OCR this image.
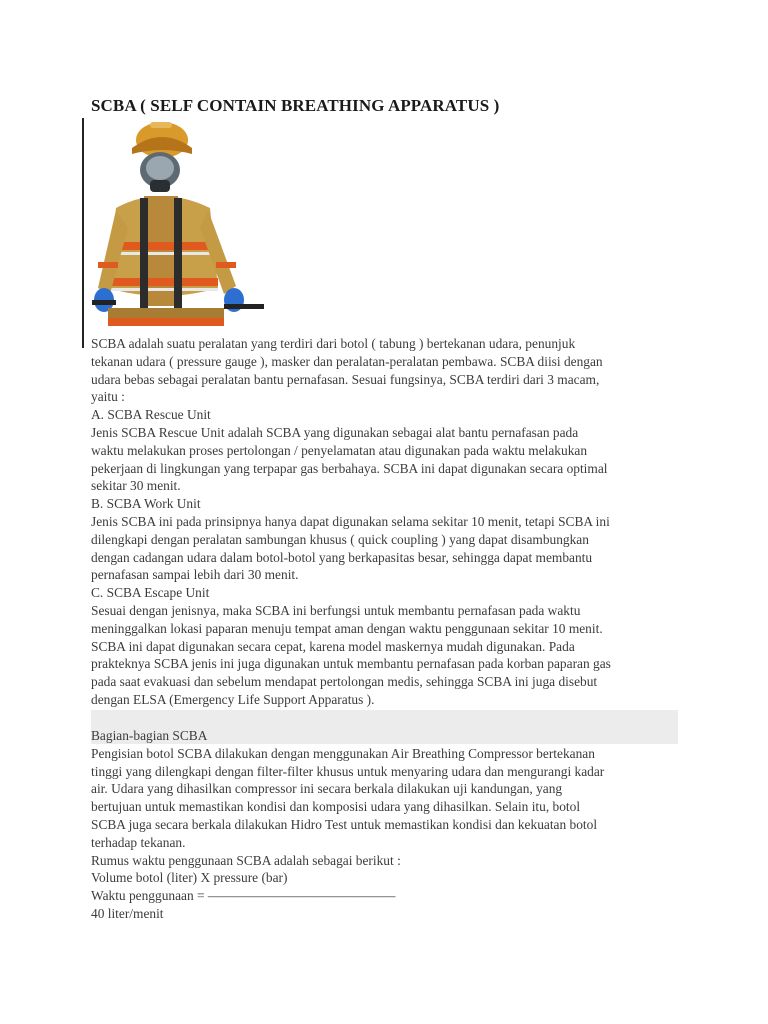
SCBA ( SELF CONTAIN BREATHING APPARATUS )
SCBA adalah suatu peralatan yang terdiri dari botol ( tabung ) bertekanan udara, penunjuk
tekanan udara ( pressure gauge ), masker dan peralatan-peralatan pembawa. SCBA diisi dengan
udara bebas sebagai peralatan bantu pernafasan. Sesuai fungsinya, SCBA terdiri dari 3 macam,
yaitu :
A. SCBA Rescue Unit
Jenis SCBA Rescue Unit adalah SCBA yang digunakan sebagai alat bantu pernafasan pada
waktu melakukan proses pertolongan / penyelamatan atau digunakan pada waktu melakukan
pekerjaan di lingkungan yang terpapar gas berbahaya. SCBA ini dapat digunakan secara optimal
sekitar 30 menit.
B. SCBA Work Unit
Jenis SCBA ini pada prinsipnya hanya dapat digunakan selama sekitar 10 menit, tetapi SCBA ini
dilengkapi dengan peralatan sambungan khusus ( quick coupling ) yang dapat disambungkan
dengan cadangan udara dalam botol-botol yang berkapasitas besar, sehingga dapat membantu
pernafasan sampai lebih dari 30 menit.
C. SCBA Escape Unit
Sesuai dengan jenisnya, maka SCBA ini berfungsi untuk membantu pernafasan pada waktu
meninggalkan lokasi paparan menuju tempat aman dengan waktu penggunaan sekitar 10 menit.
SCBA ini dapat digunakan secara cepat, karena model maskernya mudah digunakan. Pada
prakteknya SCBA jenis ini juga digunakan untuk membantu pernafasan pada korban paparan gas
pada saat evakuasi dan sebelum mendapat pertolongan medis, sehingga SCBA ini juga disebut
dengan ELSA (Emergency Life Support Apparatus ).
Bagian-bagian SCBA
Pengisian botol SCBA dilakukan dengan menggunakan Air Breathing Compressor bertekanan
tinggi yang dilengkapi dengan filter-filter khusus untuk menyaring udara dan mengurangi kadar
air. Udara yang dihasilkan compressor ini secara berkala dilakukan uji kandungan, yang
bertujuan untuk memastikan kondisi dan komposisi udara yang dihasilkan. Selain itu, botol
SCBA juga secara berkala dilakukan Hidro Test untuk memastikan kondisi dan kekuatan botol
terhadap tekanan.
Rumus waktu penggunaan SCBA adalah sebagai berikut :
Volume botol (liter) X pressure (bar)
Waktu penggunaan = ——————————————
40 liter/menit
